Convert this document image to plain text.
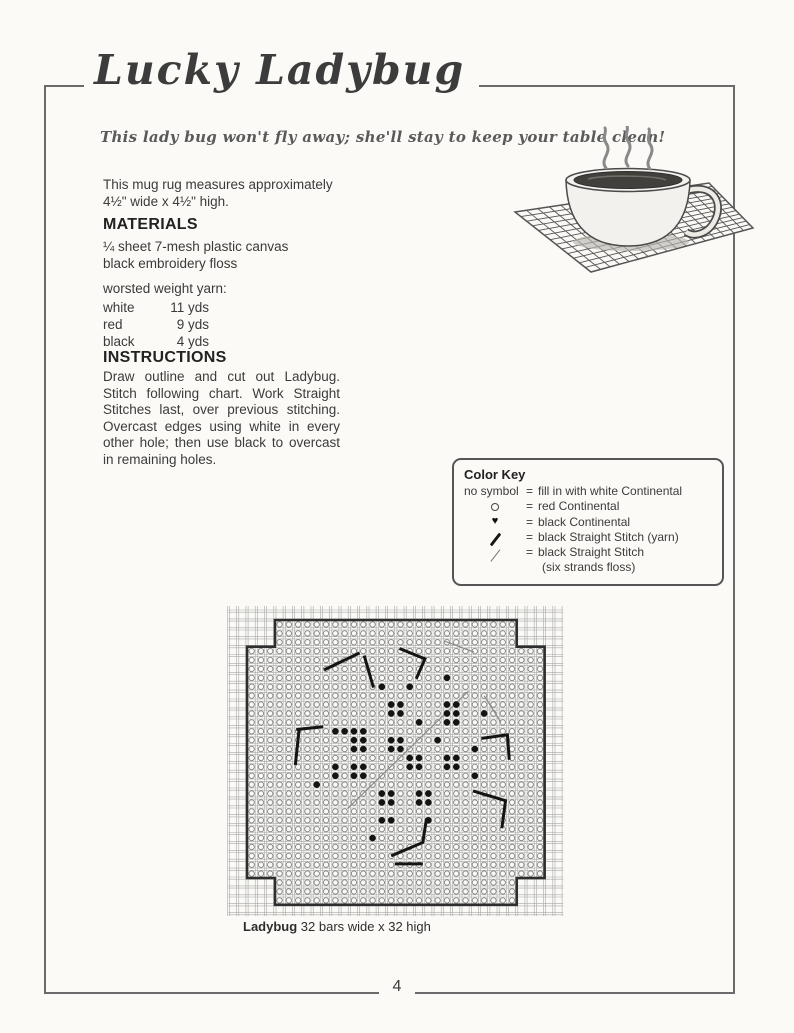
Lucky Ladybug
This lady bug won't fly away; she'll stay to keep your table clean!
This mug rug measures approximately
4½" wide x 4½" high.
MATERIALS
¼ sheet 7-mesh plastic canvas
black embroidery floss
worsted weight yarn:
white	11 yds
red	9 yds
black	4 yds
INSTRUCTIONS
Draw outline and cut out Ladybug. Stitch following chart. Work Straight Stitches last, over previous stitching. Overcast edges using white in every other hole; then use black to overcast in remaining holes.
Color Key
no symbol = fill in with white Continental
= red Continental
♥	= black Continental
= black Straight Stitch (yarn)
= black Straight Stitch
(six strands floss)
Ladybug 32 bars wide x 32 high
4
